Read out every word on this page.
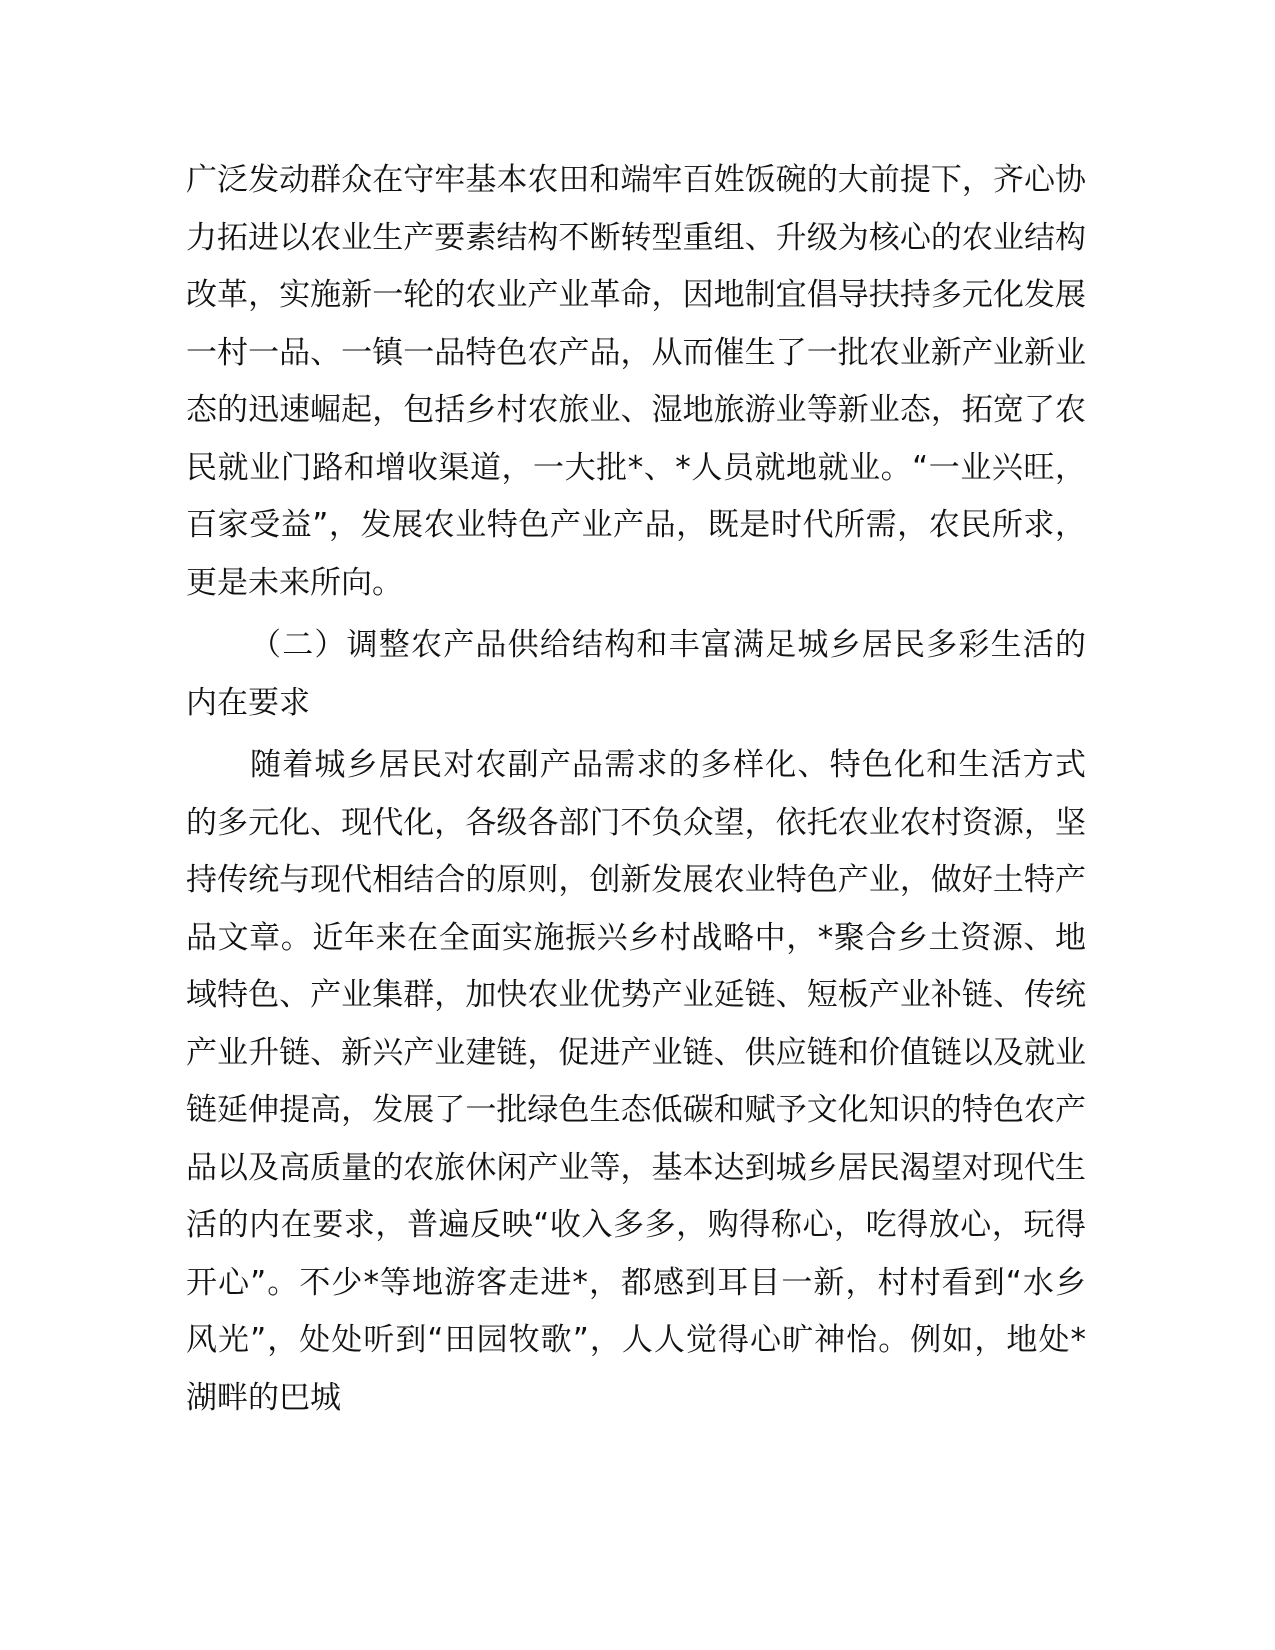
广泛发动群众在守牢基本农田和端牢百姓饭碗的大前提下，齐心协力拓进以农业生产要素结构不断转型重组、升级为核心的农业结构改革，实施新一轮的农业产业革命，因地制宜倡导扶持多元化发展一村一品、一镇一品特色农产品，从而催生了一批农业新产业新业态的迅速崛起，包括乡村农旅业、湿地旅游业等新业态，拓宽了农民就业门路和增收渠道，一大批*、*人员就地就业。“一业兴旺，百家受益”，发展农业特色产业产品，既是时代所需，农民所求，更是未来所向。

（二）调整农产品供给结构和丰富满足城乡居民多彩生活的内在要求

随着城乡居民对农副产品需求的多样化、特色化和生活方式的多元化、现代化，各级各部门不负众望，依托农业农村资源，坚持传统与现代相结合的原则，创新发展农业特色产业，做好土特产品文章。近年来在全面实施振兴乡村战略中，*聚合乡土资源、地域特色、产业集群，加快农业优势产业延链、短板产业补链、传统产业升链、新兴产业建链，促进产业链、供应链和价值链以及就业链延伸提高，发展了一批绿色生态低碳和赋予文化知识的特色农产品以及高质量的农旅休闲产业等，基本达到城乡居民渴望对现代生活的内在要求，普遍反映“收入多多，购得称心，吃得放心，玩得开心”。不少*等地游客走进*，都感到耳目一新，村村看到“水乡风光”，处处听到“田园牧歌”，人人觉得心旷神怡。例如，地处*湖畔的巴城
